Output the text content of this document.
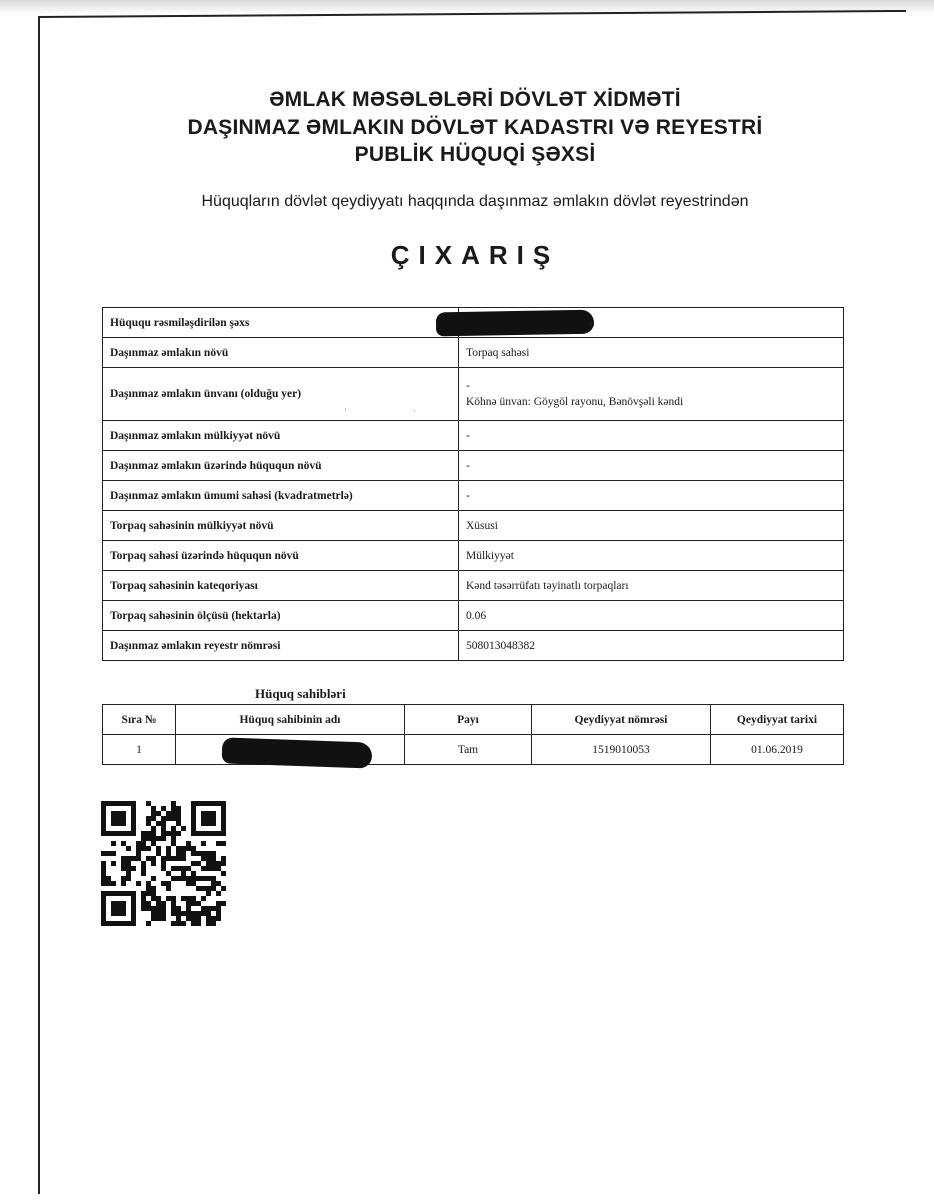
ƏMLAK MƏSƏLƏLƏRİ DÖVLƏT XİDMƏTİ
DAŞINMAZ ƏMLAKIN DÖVLƏT KADASTRI VƏ REYESTRİ
PUBLİK HÜQUQİ ŞƏXSİ
Hüquqların dövlət qeydiyyatı haqqında daşınmaz əmlakın dövlət reyestrindən
ÇIXARIŞ
Hüququ rəsmiləşdirilən şəxs	
Daşınmaz əmlakın növü	Torpaq sahəsi
Daşınmaz əmlakın ünvanı (olduğu yer)	-
Köhnə ünvan: Göygöl rayonu, Bənövşəli kəndi

Daşınmaz əmlakın mülkiyyət növü	-
Daşınmaz əmlakın üzərində hüququn növü	-
Daşınmaz əmlakın ümumi sahəsi (kvadratmetrlə)	-
Torpaq sahəsinin mülkiyyət növü	Xüsusi
Torpaq sahəsi üzərində hüququn növü	Mülkiyyət
Torpaq sahəsinin kateqoriyası	Kənd təsərrüfatı təyinatlı torpaqları
Torpaq sahəsinin ölçüsü (hektarla)	0.06
Daşınmaz əmlakın reyestr nömrəsi	508013048382
a
'	·
Hüquq sahibləri
Sıra №	Hüquq sahibinin adı	Payı	Qeydiyyat nömrəsi	Qeydiyyat tarixi
1		Tam	1519010053	01.06.2019
